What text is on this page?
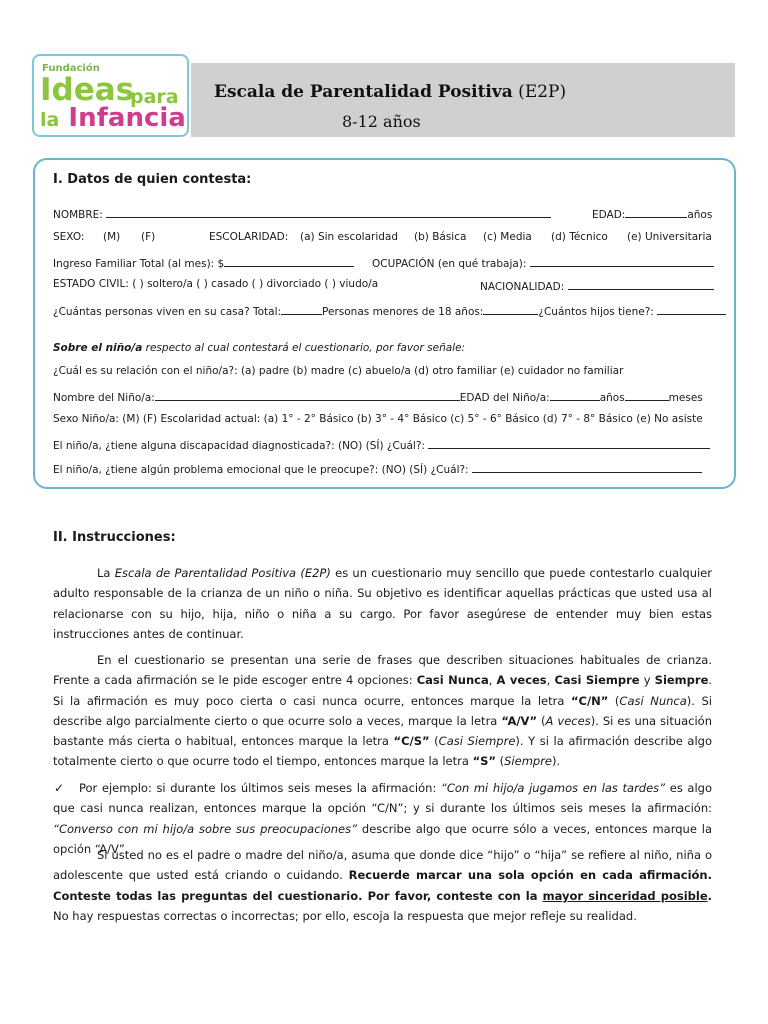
Fundación
Ideas
para
la Infancia
Escala de Parentalidad Positiva (E2P)
8-12 años
I. Datos de quien contesta:
NOMBRE:	EDAD:	años
SEXO: (M) (F)	ESCOLARIDAD: (a) Sin escolaridad (b) Básica (c) Media (d) Técnico (e) Universitaria
Ingreso Familiar Total (al mes): $	OCUPACIÓN (en qué trabaja):
ESTADO CIVIL: ( ) soltero/a ( ) casado ( ) divorciado ( ) viudo/a	NACIONALIDAD:
¿Cuántas personas viven en su casa? Total:	Personas menores de 18 años:	¿Cuántos hijos tiene?:
Sobre el niño/a respecto al cual contestará el cuestionario, por favor señale:
¿Cuál es su relación con el niño/a?: (a) padre (b) madre (c) abuelo/a (d) otro familiar (e) cuidador no familiar
Nombre del Niño/a:	EDAD del Niño/a:	años	meses
Sexo Niño/a: (M) (F) Escolaridad actual: (a) 1° - 2° Básico (b) 3° - 4° Básico (c) 5° - 6° Básico (d) 7° - 8° Básico (e) No asiste
El niño/a, ¿tiene alguna discapacidad diagnosticada?: (NO) (SÍ) ¿Cuál?:
El niño/a, ¿tiene algún problema emocional que le preocupe?: (NO) (SÍ) ¿Cuál?:
II. Instrucciones:
La Escala de Parentalidad Positiva (E2P) es un cuestionario muy sencillo que puede contestarlo cualquier adulto responsable de la crianza de un niño o niña. Su objetivo es identificar aquellas prácticas que usted usa al relacionarse con su hijo, hija, niño o niña a su cargo. Por favor asegúrese de entender muy bien estas instrucciones antes de continuar.
En el cuestionario se presentan una serie de frases que describen situaciones habituales de crianza. Frente a cada afirmación se le pide escoger entre 4 opciones: Casi Nunca, A veces, Casi Siempre y Siempre. Si la afirmación es muy poco cierta o casi nunca ocurre, entonces marque la letra “C/N” (Casi Nunca). Si describe algo parcialmente cierto o que ocurre solo a veces, marque la letra “A/V” (A veces). Si es una situación bastante más cierta o habitual, entonces marque la letra “C/S” (Casi Siempre). Y si la afirmación describe algo totalmente cierto o que ocurre todo el tiempo, entonces marque la letra “S” (Siempre).
✓	Por ejemplo: si durante los últimos seis meses la afirmación: “Con mi hijo/a jugamos en las tardes” es algo que casi nunca realizan, entonces marque la opción “C/N”; y si durante los últimos seis meses la afirmación: “Converso con mi hijo/a sobre sus preocupaciones” describe algo que ocurre sólo a veces, entonces marque la opción “A/V”.
Si usted no es el padre o madre del niño/a, asuma que donde dice “hijo” o “hija” se refiere al niño, niña o adolescente que usted está criando o cuidando. Recuerde marcar una sola opción en cada afirmación. Conteste todas las preguntas del cuestionario. Por favor, conteste con la mayor sinceridad posible. No hay respuestas correctas o incorrectas; por ello, escoja la respuesta que mejor refleje su realidad.
